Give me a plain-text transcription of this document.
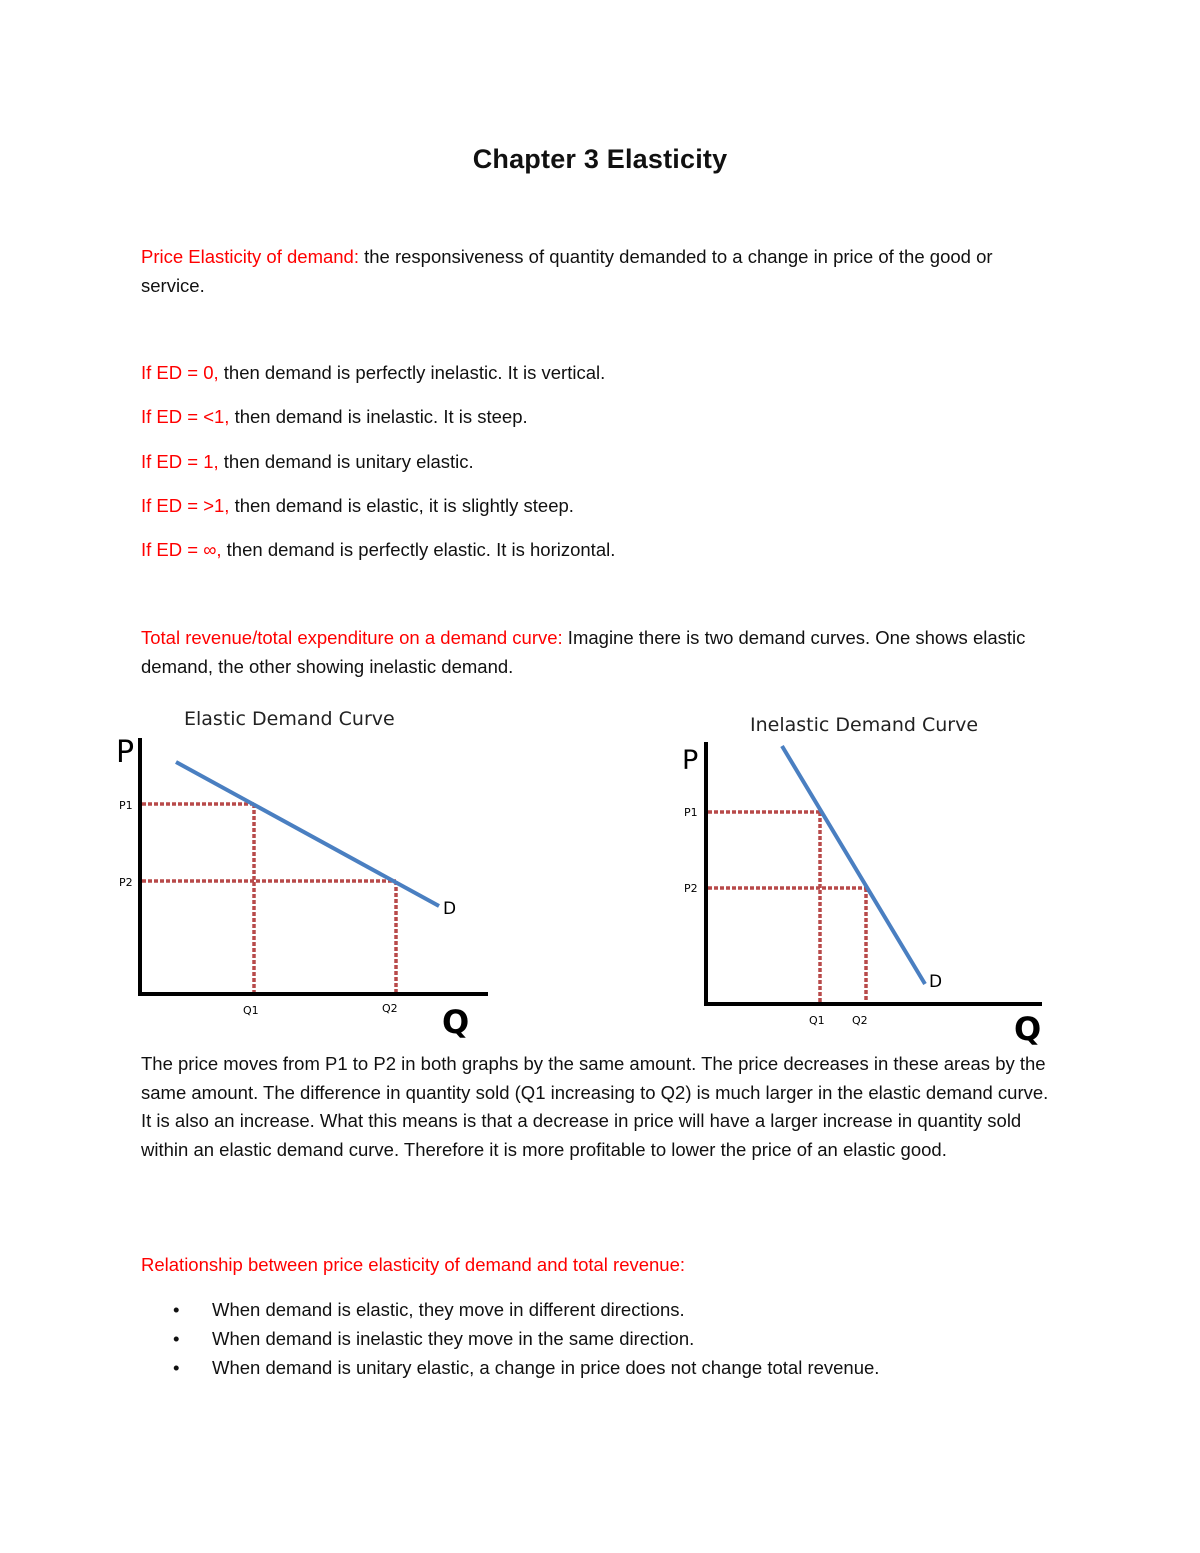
Chapter 3 Elasticity
Price Elasticity of demand: the responsiveness of quantity demanded to a change in price of the good or service.
If ED = 0, then demand is perfectly inelastic. It is vertical.
If ED = <1, then demand is inelastic. It is steep.
If ED = 1, then demand is unitary elastic.
If ED = >1, then demand is elastic, it is slightly steep.
If ED = ∞, then demand is perfectly elastic. It is horizontal.
Total revenue/total expenditure on a demand curve: Imagine there is two demand curves. One shows elastic demand, the other showing inelastic demand.
Elastic Demand Curve
P
P1
P2
Q1	Q2
D
Q
Inelastic Demand Curve
P
P1
P2
Q1 Q2
D
Q
The price moves from P1 to P2 in both graphs by the same amount. The price decreases in these areas by the same amount. The difference in quantity sold (Q1 increasing to Q2) is much larger in the elastic demand curve. It is also an increase. What this means is that a decrease in price will have a larger increase in quantity sold within an elastic demand curve. Therefore it is more profitable to lower the price of an elastic good.
Relationship between price elasticity of demand and total revenue:
• When demand is elastic, they move in different directions.
• When demand is inelastic they move in the same direction.
• When demand is unitary elastic, a change in price does not change total revenue.
